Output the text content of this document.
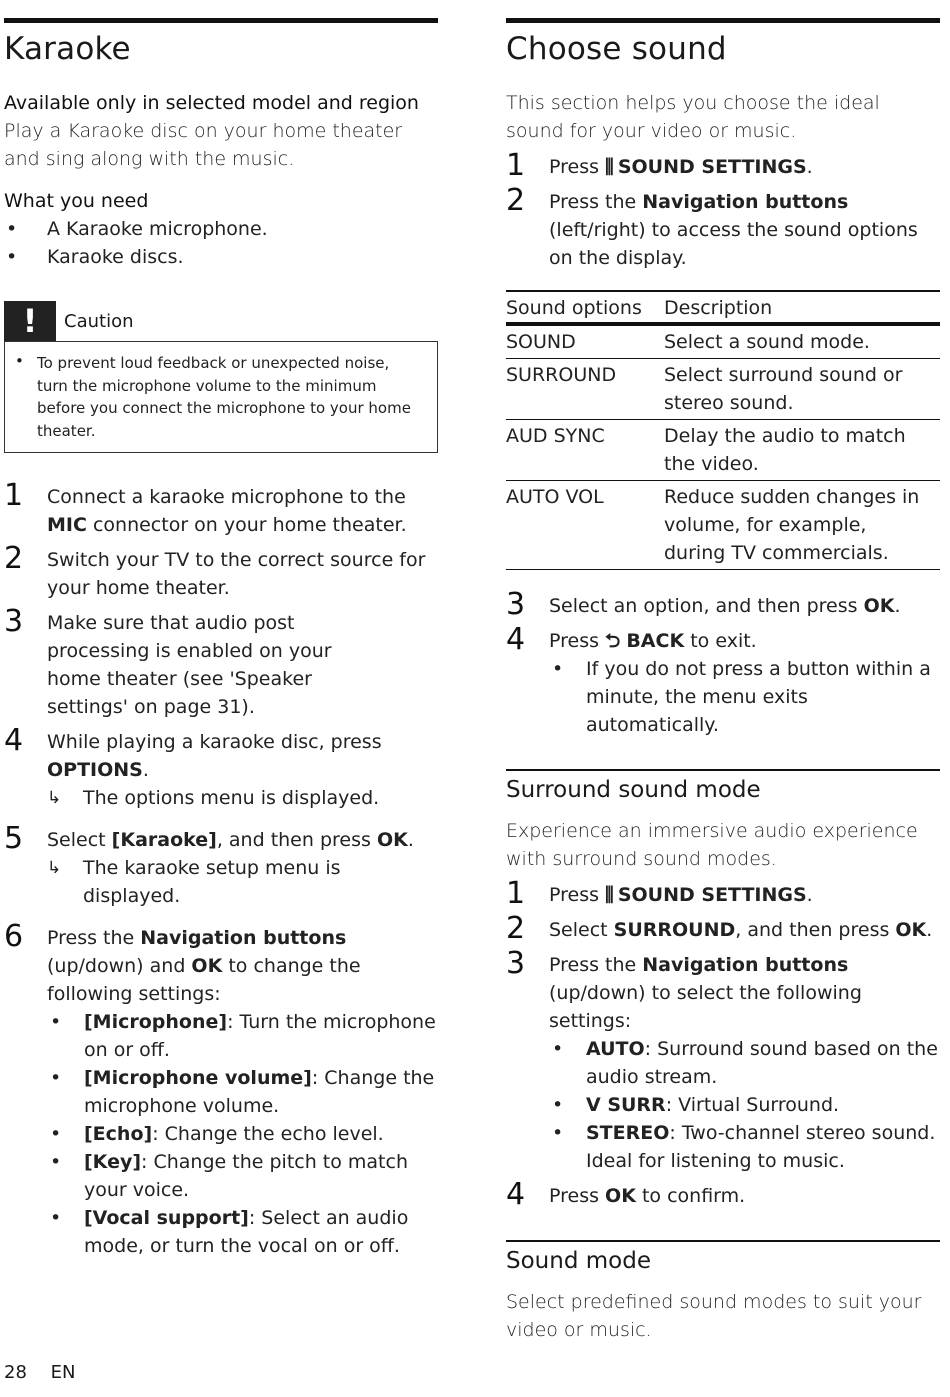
Karaoke
Available only in selected model and region
Play a Karaoke disc on your home theater and sing along with the music.
What you need
• A Karaoke microphone.
• Karaoke discs.
!	Caution
• To prevent loud feedback or unexpected noise, turn the microphone volume to the minimum before you connect the microphone to your home theater.
1 Connect a karaoke microphone to the MIC connector on your home theater.
2 Switch your TV to the correct source for your home theater.
3 Make sure that audio post processing is enabled on your home theater (see 'Speaker settings' on page 31).
4 While playing a karaoke disc, press
OPTIONS.
↳ The options menu is displayed.
5 Select [Karaoke], and then press OK.
↳ The karaoke setup menu is displayed.
6 Press the Navigation buttons (up/down) and OK to change the following settings:
• [Microphone]: Turn the microphone on or off.
• [Microphone volume]: Change the microphone volume.
• [Echo]: Change the echo level.
• [Key]: Change the pitch to match your voice.
• [Vocal support]: Select an audio mode, or turn the vocal on or off.
Choose sound
This section helps you choose the ideal sound for your video or music.
1 Press ⫼ SOUND SETTINGS.
2 Press the Navigation buttons (left/right) to access the sound options on the display.
Sound options	Description
SOUND	Select a sound mode.
SURROUND	Select surround sound or stereo sound.
AUD SYNC	Delay the audio to match the video.
AUTO VOL	Reduce sudden changes in volume, for example, during TV commercials.
3 Select an option, and then press OK.
4 Press ⮌ BACK to exit.
• If you do not press a button within a minute, the menu exits automatically.
Surround sound mode
Experience an immersive audio experience with surround sound modes.
1 Press ⫼ SOUND SETTINGS.
2 Select SURROUND, and then press OK.
3 Press the Navigation buttons (up/down) to select the following settings:
• AUTO: Surround sound based on the audio stream.
• V SURR: Virtual Surround.
• STEREO: Two-channel stereo sound. Ideal for listening to music.
4 Press OK to confirm.
Sound mode
Select predefined sound modes to suit your video or music.
28 EN
